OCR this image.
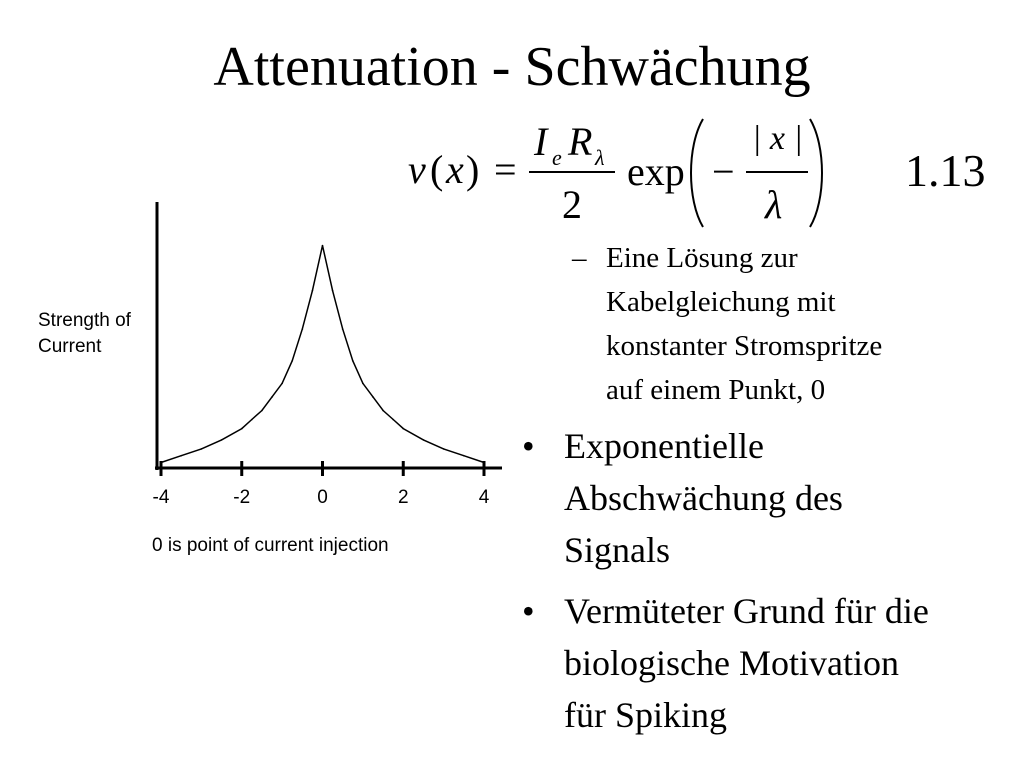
Attenuation - Schwächung
v ( x ) =
I e R λ
2
exp −
| x |
λ
1.13
– Eine Lösung zur
Kabelgleichung mit
konstanter Stromspritze
auf einem Punkt, 0
• Exponentielle
Abschwächung des
Signals
• Vermüteter Grund für die
biologische Motivation
für Spiking
-4	-2	0	2	4
Strength of
Current
0 is point of current injection
